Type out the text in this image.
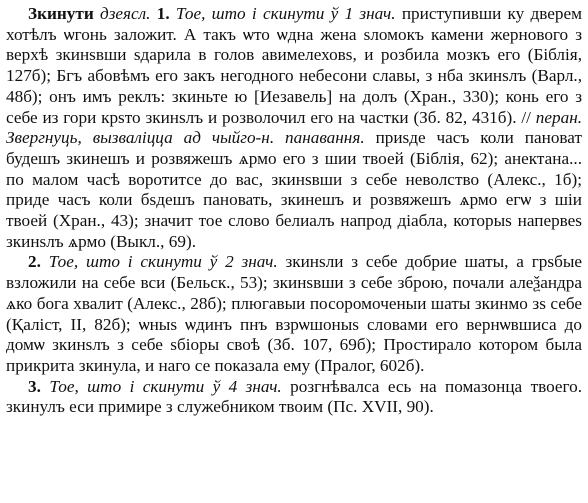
Зкинути дзеясл. 1. Тое, што і скинути ў 1 знач. приступивши ку дверем хотѣлъ ѡгонь заложит. А такъ ѡто ѡдна жена ѕломокъ камени жернового з верхѣ зкинѕвши ѕдарила в голов авимелеховѕ, и розбила мозкъ его (Біблія, 127б); Бгъ абовѣмъ его закъ негодного небесони славы, з нба зкинѕлъ (Варл., 48б); онъ имъ реклъ: зкиньте ю [Иезавель] на долъ (Хран., 330); конь его з себе из гори крѕто зкинѕлъ и розволочил его на частки (Зб. 82, 431б). // перан. Звергнуць, вызваліцца ад чыйго-н. панавання. приѕде часъ коли пановат будешъ зкинешъ и розвяжешъ ѧрмо его з шии твоей (Біблія, 62); анектана... по малом часѣ воротитсе до вас, зкинѕвши з себе неволство (Алекс., 1б); приде часъ коли бѕдешъ пановать, зкинешъ и розвяжешъ ѧрмо егѡ з шіи твоей (Хран., 43); значит тое слово белиалъ напрод діабла, которыѕ напервеѕ зкинѕлъ ѧрмо (Выкл., 69).

2. Тое, што і скинути ў 2 знач. зкинѕли з себе добрие шаты, а грѕбые взложили на себе вси (Бельск., 53); зкинѕвши з себе зброю, почали алеѯандра ѧко бога хвалит (Алекс., 28б); плюгавыи посоромоченыи шаты зкинмо зѕ себе (Қаліст, II, 82б); ѡныѕ ѡдинъ пнъ взрѡшоныѕ словами его вернѡвшиса до домѡ зкинѕлъ з себе ѕбіоры своѣ (Зб. 107, 69б); Простирало котором была прикрита зкинула, и наго се показала ему (Пралог, 602б).

3. Тое, што і скинути ў 4 знач. розгнѣвалса есь на помазонца твоего. зкинулъ еси примире з служебником твоим (Пс. XVII, 90).
